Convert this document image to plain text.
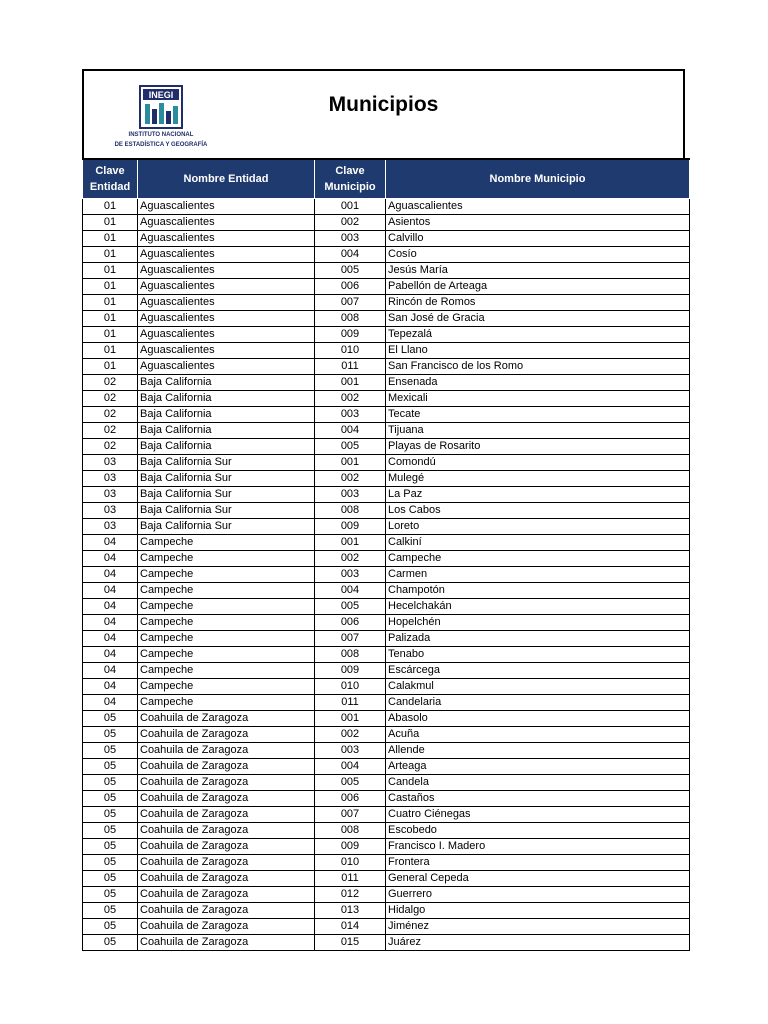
INEGI
INSTITUTO NACIONAL
DE ESTADÍSTICA Y GEOGRAFÍA
Municipios
Clave Entidad	Nombre Entidad	Clave Municipio	Nombre Municipio
01	Aguascalientes	001	Aguascalientes
01	Aguascalientes	002	Asientos
01	Aguascalientes	003	Calvillo
01	Aguascalientes	004	Cosío
01	Aguascalientes	005	Jesús María
01	Aguascalientes	006	Pabellón de Arteaga
01	Aguascalientes	007	Rincón de Romos
01	Aguascalientes	008	San José de Gracia
01	Aguascalientes	009	Tepezalá
01	Aguascalientes	010	El Llano
01	Aguascalientes	011	San Francisco de los Romo
02	Baja California	001	Ensenada
02	Baja California	002	Mexicali
02	Baja California	003	Tecate
02	Baja California	004	Tijuana
02	Baja California	005	Playas de Rosarito
03	Baja California Sur	001	Comondú
03	Baja California Sur	002	Mulegé
03	Baja California Sur	003	La Paz
03	Baja California Sur	008	Los Cabos
03	Baja California Sur	009	Loreto
04	Campeche	001	Calkiní
04	Campeche	002	Campeche
04	Campeche	003	Carmen
04	Campeche	004	Champotón
04	Campeche	005	Hecelchakán
04	Campeche	006	Hopelchén
04	Campeche	007	Palizada
04	Campeche	008	Tenabo
04	Campeche	009	Escárcega
04	Campeche	010	Calakmul
04	Campeche	011	Candelaria
05	Coahuila de Zaragoza	001	Abasolo
05	Coahuila de Zaragoza	002	Acuña
05	Coahuila de Zaragoza	003	Allende
05	Coahuila de Zaragoza	004	Arteaga
05	Coahuila de Zaragoza	005	Candela
05	Coahuila de Zaragoza	006	Castaños
05	Coahuila de Zaragoza	007	Cuatro Ciénegas
05	Coahuila de Zaragoza	008	Escobedo
05	Coahuila de Zaragoza	009	Francisco I. Madero
05	Coahuila de Zaragoza	010	Frontera
05	Coahuila de Zaragoza	011	General Cepeda
05	Coahuila de Zaragoza	012	Guerrero
05	Coahuila de Zaragoza	013	Hidalgo
05	Coahuila de Zaragoza	014	Jiménez
05	Coahuila de Zaragoza	015	Juárez
